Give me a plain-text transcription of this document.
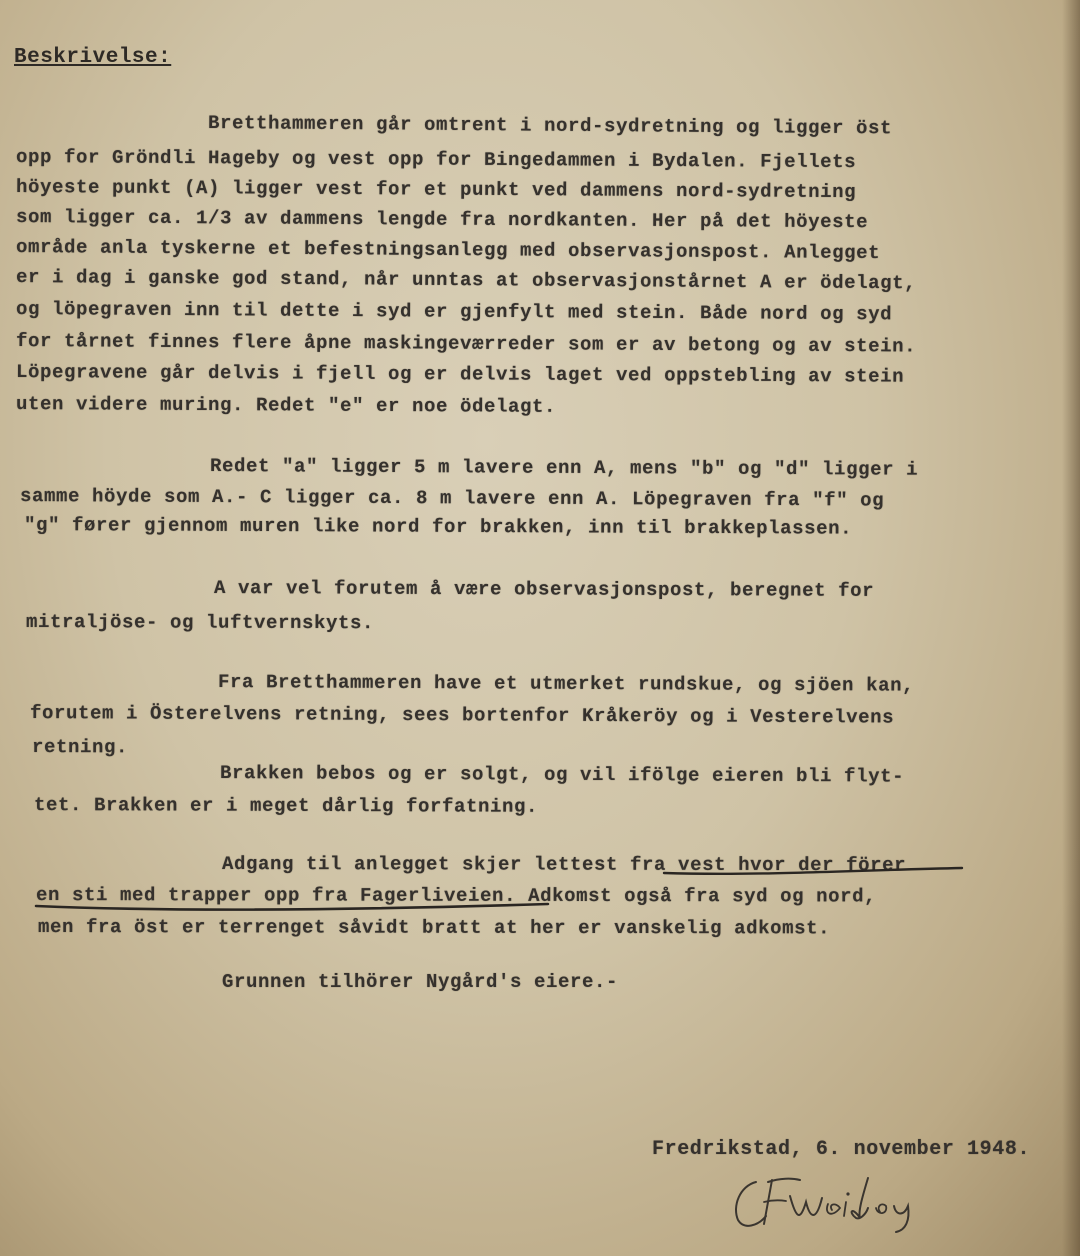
Beskrivelse:
Bretthammeren går omtrent i nord-sydretning og ligger öst
opp for Gröndli Hageby og vest opp for Bingedammen i Bydalen. Fjellets
höyeste punkt (A) ligger vest for et punkt ved dammens nord-sydretning
som ligger ca. 1/3 av dammens lengde fra nordkanten. Her på det höyeste
område anla tyskerne et befestningsanlegg med observasjonspost. Anlegget
er i dag i ganske god stand, når unntas at observasjonstårnet A er ödelagt,
og löpegraven inn til dette i syd er gjenfylt med stein. Både nord og syd
for tårnet finnes flere åpne maskingeværreder som er av betong og av stein.
Löpegravene går delvis i fjell og er delvis laget ved oppstebling av stein
uten videre muring. Redet "e" er noe ödelagt.
Redet "a" ligger 5 m lavere enn A, mens "b" og "d" ligger i
samme höyde som A.- C ligger ca. 8 m lavere enn A. Löpegraven fra "f" og
"g" fører gjennom muren like nord for brakken, inn til brakkeplassen.
A var vel forutem å være observasjonspost, beregnet for
mitraljöse- og luftvernskyts.
Fra Bretthammeren have et utmerket rundskue, og sjöen kan,
forutem i Österelvens retning, sees bortenfor Kråkeröy og i Vesterelvens
retning.
Brakken bebos og er solgt, og vil ifölge eieren bli flyt-
tet. Brakken er i meget dårlig forfatning.
Adgang til anlegget skjer lettest fra vest hvor der förer
en sti med trapper opp fra Fagerliveien. Adkomst også fra syd og nord,
men fra öst er terrenget såvidt bratt at her er vanskelig adkomst.
Grunnen tilhörer Nygård's eiere.-
Fredrikstad, 6. november 1948.
